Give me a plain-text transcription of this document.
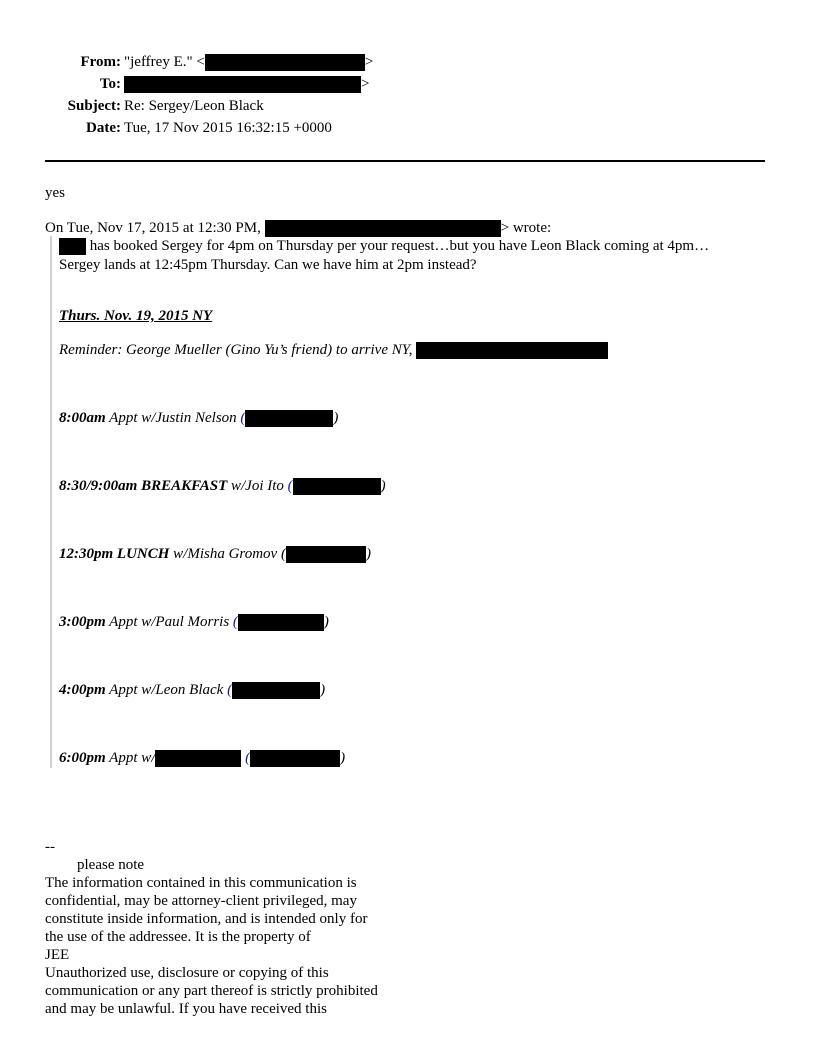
From: "jeffrey E." <	>
To:	>
Subject: Re: Sergey/Leon Black
Date: Tue, 17 Nov 2015 16:32:15 +0000
yes
On Tue, Nov 17, 2015 at 12:30 PM,	> wrote:
has booked Sergey for 4pm on Thursday per your request…but you have Leon Black coming at 4pm…
Sergey lands at 12:45pm Thursday. Can we have him at 2pm instead?
Thurs. Nov. 19, 2015 NY
Reminder: George Mueller (Gino Yu’s friend) to arrive NY,
8:00am Appt w/Justin Nelson (	)
8:30/9:00am BREAKFAST w/Joi Ito (	)
12:30pm LUNCH w/Misha Gromov (	)
3:00pm Appt w/Paul Morris (	)
4:00pm Appt w/Leon Black (	)
6:00pm Appt w/	(	)
--
please note
The information contained in this communication is
confidential, may be attorney-client privileged, may
constitute inside information, and is intended only for
the use of the addressee. It is the property of
JEE
Unauthorized use, disclosure or copying of this
communication or any part thereof is strictly prohibited
and may be unlawful. If you have received this
